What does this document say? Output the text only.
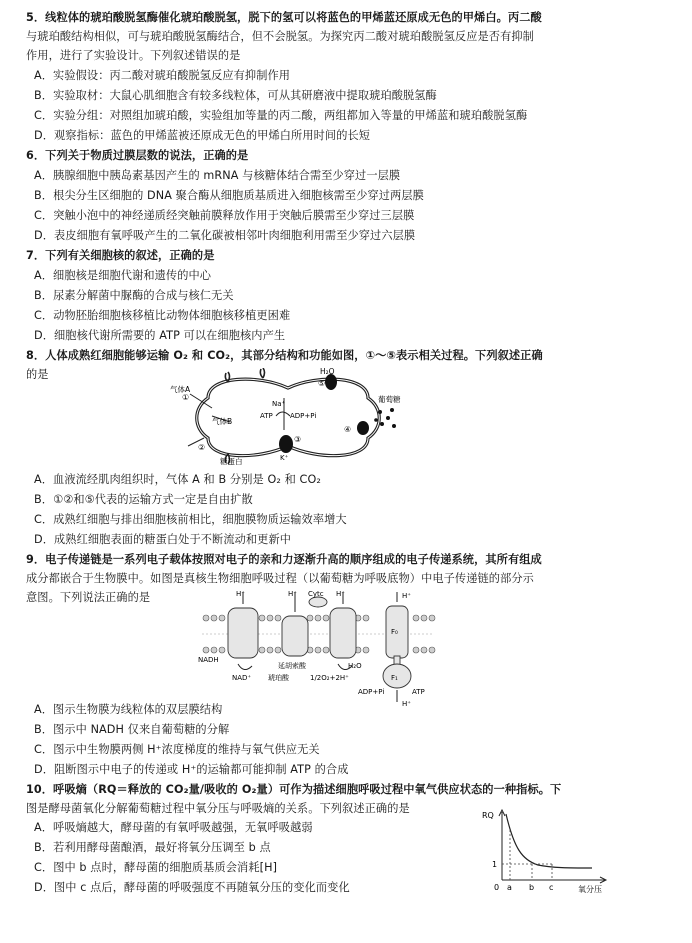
5．线粒体的琥珀酸脱氢酶催化琥珀酸脱氢，脱下的氢可以将蓝色的甲烯蓝还原成无色的甲烯白。丙二酸
与琥珀酸结构相似，可与琥珀酸脱氢酶结合，但不会脱氢。为探究丙二酸对琥珀酸脱氢反应是否有抑制
作用，进行了实验设计。下列叙述错误的是
A．实验假设：丙二酸对琥珀酸脱氢反应有抑制作用
B．实验取材：大鼠心肌细胞含有较多线粒体，可从其研磨液中提取琥珀酸脱氢酶
C．实验分组：对照组加琥珀酸，实验组加等量的丙二酸，两组都加入等量的甲烯蓝和琥珀酸脱氢酶
D．观察指标：蓝色的甲烯蓝被还原成无色的甲烯白所用时间的长短
6．下列关于物质过膜层数的说法，正确的是
A．胰腺细胞中胰岛素基因产生的 mRNA 与核糖体结合需至少穿过一层膜
B．根尖分生区细胞的 DNA 聚合酶从细胞质基质进入细胞核需至少穿过两层膜
C．突触小泡中的神经递质经突触前膜释放作用于突触后膜需至少穿过三层膜
D．表皮细胞有氧呼吸产生的二氧化碳被相邻叶肉细胞利用需至少穿过六层膜
7．下列有关细胞核的叙述，正确的是
A．细胞核是细胞代谢和遗传的中心
B．尿素分解菌中脲酶的合成与核仁无关
C．动物胚胎细胞核移植比动物体细胞核移植更困难
D．细胞核代谢所需要的 ATP 可以在细胞核内产生
8．人体成熟红细胞能够运输 O₂ 和 CO₂，其部分结构和功能如图，①～⑤表示相关过程。下列叙述正确
的是
气体A
气体B
H₂O
葡萄糖
Na⁺
ATP ADP+Pi
K⁺
糖蛋白
①
②
③
④
⑤
A．血液流经肌肉组织时，气体 A 和 B 分别是 O₂ 和 CO₂
B．①②和⑤代表的运输方式一定是自由扩散
C．成熟红细胞与排出细胞核前相比，细胞膜物质运输效率增大
D．成熟红细胞表面的糖蛋白处于不断流动和更新中
9．电子传递链是一系列电子载体按照对电子的亲和力逐渐升高的顺序组成的电子传递系统，其所有组成
成分都嵌合于生物膜中。如图是真核生物细胞呼吸过程（以葡萄糖为呼吸底物）中电子传递链的部分示
意图。下列说法正确的是	H⁺	H⁺	H⁺
Cytc	H⁺
NADH
NAD⁺
延胡索酸
琥珀酸
H₂O
1/2O₂+2H⁺
F₀
F₁
ADP+Pi	ATP
H⁺
A．图示生物膜为线粒体的双层膜结构
B．图示中 NADH 仅来自葡萄糖的分解
C．图示中生物膜两侧 H⁺浓度梯度的维持与氧气供应无关
D．阻断图示中电子的传递或 H⁺的运输都可能抑制 ATP 的合成
10．呼吸熵（RQ＝释放的 CO₂量/吸收的 O₂量）可作为描述细胞呼吸过程中氧气供应状态的一种指标。下
图是酵母菌氧化分解葡萄糖过程中氧分压与呼吸熵的关系。下列叙述正确的是
A．呼吸熵越大，酵母菌的有氧呼吸越强，无氧呼吸越弱
B．若利用酵母菌酿酒，最好将氧分压调至 b 点
C．图中 b 点时，酵母菌的细胞质基质会消耗[H]
D．图中 c 点后，酵母菌的呼吸强度不再随氧分压的变化而变化
RQ
1
0 a b c	氧分压
